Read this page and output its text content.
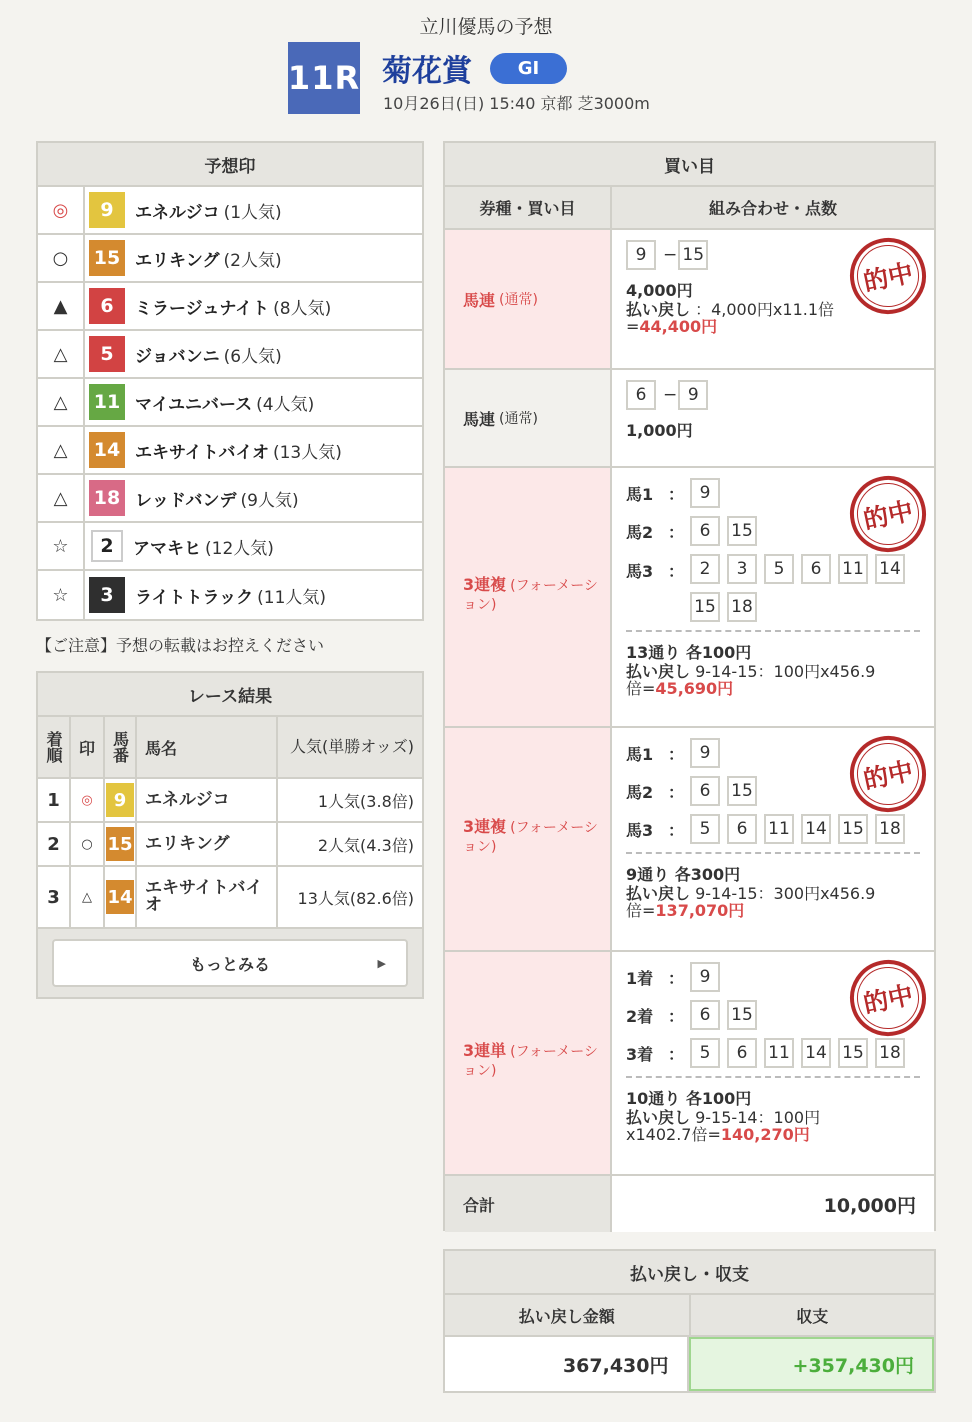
立川優馬の予想
11R 菊花賞	GI
10月26日(日) 15:40 京都 芝3000m
予想印
◎	9	エネルジコ (1人気)
○	15 エリキング (2人気)
▲	6	ミラージュナイト (8人気)
△	5	ジョバンニ (6人気)
△	11 マイユニバース (4人気)
△	14 エキサイトバイオ (13人気)
△	18 レッドバンデ (9人気)
☆	2	アマキヒ (12人気)
☆	3	ライトトラック (11人気)
【ご注意】予想の転載はお控えください
レース結果
着順 印 馬番 馬名	人気(単勝オッズ)
1	◎	9	エネルジコ	1人気(3.8倍)
2	○ 15 エリキング	2人気(4.3倍)
3	△ 14 エキサイトバイオ	13人気(82.6倍)
もっとみる	▶
買い目
券種・買い目	組み合わせ・点数
馬連 (通常)
9 − 15
4,000円
払い戻し ：4,000円x11.1倍
=44,400円
的中
馬連 (通常)
6 − 9
1,000円
3連複 (フォーメーション)
馬1 ： 9
馬2 ： 6 15
馬3 ： 2 3 5 6 11 14

15 18
13通り 各100円
払い戻し 9-14-15：100円x456.9
倍=45,690円
的中
3連複 (フォーメーション)
馬1 ： 9
馬2 ： 6 15
馬3 ： 5 6 11 14 15 18
9通り 各300円
払い戻し 9-14-15：300円x456.9
倍=137,070円
的中
3連単 (フォーメーション)
1着 ： 9
2着 ： 6 15
3着 ： 5 6 11 14 15 18
10通り 各100円
払い戻し 9-15-14：100円
x1402.7倍=140,270円
的中
合計	10,000円
払い戻し・収支
払い戻し金額	収支
367,430円	+357,430円
